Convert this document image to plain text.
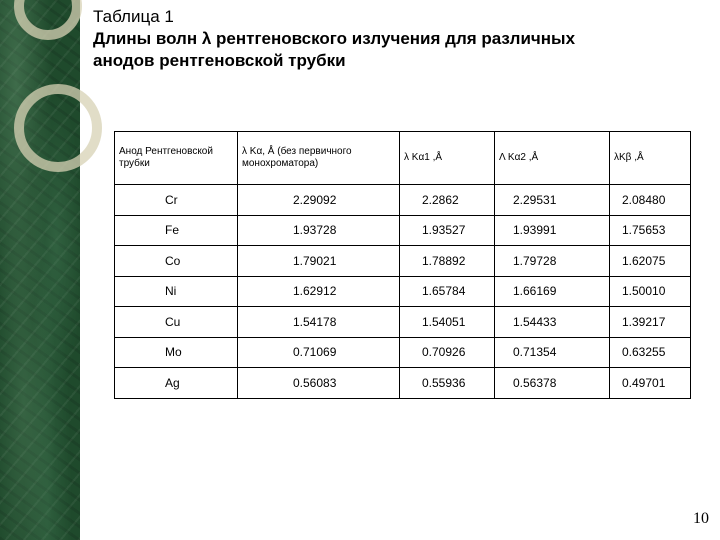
Таблица 1
Длины волн λ рентгеновского излучения для различных
анодов рентгеновской трубки
Анод Рентгеновской трубки	λ Kα, Å (без первичного монохроматора)	λ Kα1 ,Å	Λ Kα2 ,Å	λKβ ,Å
Cr	2.29092	2.2862	2.29531	2.08480
Fe	1.93728	1.93527	1.93991	1.75653
Co	1.79021	1.78892	1.79728	1.62075
Ni	1.62912	1.65784	1.66169	1.50010
Cu	1.54178	1.54051	1.54433	1.39217
Mo	0.71069	0.70926	0.71354	0.63255
Ag	0.56083	0.55936	0.56378	0.49701
10
